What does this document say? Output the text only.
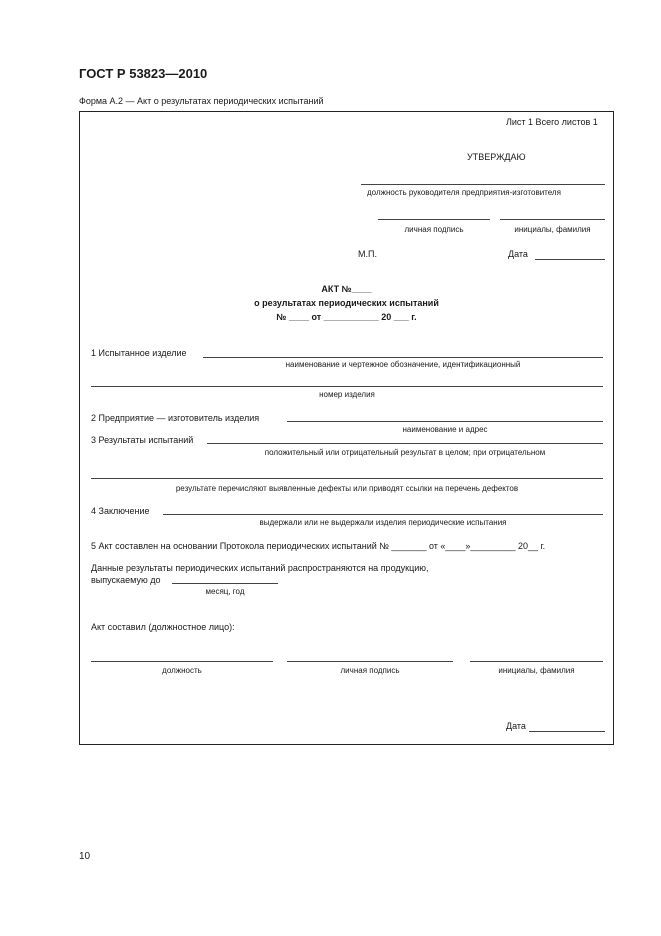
ГОСТ Р 53823—2010
Форма А.2 — Акт о результатах периодических испытаний
Лист 1 Всего листов 1
УТВЕРЖДАЮ
должность руководителя предприятия-изготовителя
личная подпись	инициалы, фамилия
М.П.	Дата
АКТ №____
о результатах периодических испытаний
№ ____ от ___________ 20 ___ г.
1 Испытанное изделие
наименование и чертежное обозначение, идентификационный
номер изделия
2 Предприятие — изготовитель изделия
наименование и адрес
3 Результаты испытаний
положительный или отрицательный результат в целом; при отрицательном
результате перечисляют выявленные дефекты или приводят ссылки на перечень дефектов
4 Заключение
выдержали или не выдержали изделия периодические испытания
5 Акт составлен на основании Протокола периодических испытаний № _______ от «____»_________ 20__ г.
Данные результаты периодических испытаний распространяются на продукцию,
выпускаемую до
месяц, год
Акт составил (должностное лицо):
должность	личная подпись	инициалы, фамилия
Дата
10
